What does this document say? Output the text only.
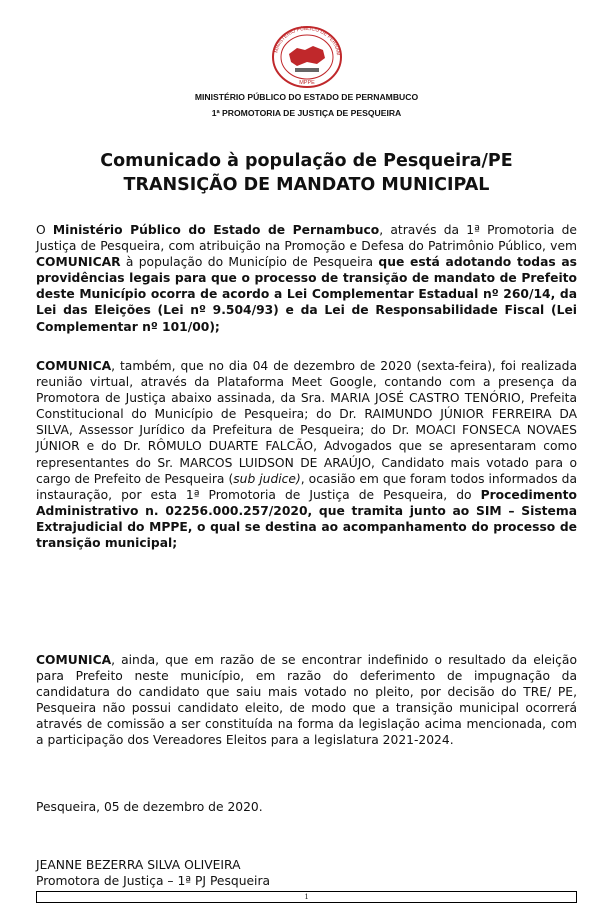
MINISTÉRIO PÚBLICO DE PERNAM
MPPE
MINISTÉRIO PÚBLICO DO ESTADO DE PERNAMBUCO
1ª PROMOTORIA DE JUSTIÇA DE PESQUEIRA
Comunicado à população de Pesqueira/PE
TRANSIÇÃO DE MANDATO MUNICIPAL

O Ministério Público do Estado de Pernambuco, através da 1ª Promotoria de Justiça de Pesqueira, com atribuição na Promoção e Defesa do Patrimônio Público, vem COMUNICAR à população do Município de Pesqueira que está adotando todas as providências legais para que o processo de transição de mandato de Prefeito deste Município ocorra de acordo a Lei Complementar Estadual nº 260/14, da Lei das Eleições (Lei nº 9.504/93) e da Lei de Responsabilidade Fiscal (Lei Complementar nº 101/00);

COMUNICA, também, que no dia 04 de dezembro de 2020 (sexta-feira), foi realizada reunião virtual, através da Plataforma Meet Google, contando com a presença da Promotora de Justiça abaixo assinada, da Sra. MARIA JOSÉ CASTRO TENÓRIO, Prefeita Constitucional do Município de Pesqueira; do Dr. RAIMUNDO JÚNIOR FERREIRA DA SILVA, Assessor Jurídico da Prefeitura de Pesqueira; do Dr. MOACI FONSECA NOVAES JÚNIOR e do Dr. RÔMULO DUARTE FALCÃO, Advogados que se apresentaram como representantes do Sr. MARCOS LUIDSON DE ARAÚJO, Candidato mais votado para o cargo de Prefeito de Pesqueira (sub judice), ocasião em que foram todos informados da instauração, por esta 1ª Promotoria de Justiça de Pesqueira, do Procedimento Administrativo n. 02256.000.257/2020, que tramita junto ao SIM – Sistema Extrajudicial do MPPE, o qual se destina ao acompanhamento do processo de transição municipal;

COMUNICA, ainda, que em razão de se encontrar indefinido o resultado da eleição para Prefeito neste município, em razão do deferimento de impugnação da candidatura do candidato que saiu mais votado no pleito, por decisão do TRE/ PE, Pesqueira não possui candidato eleito, de modo que a transição municipal ocorrerá através de comissão a ser constituída na forma da legislação acima mencionada, com a participação dos Vereadores Eleitos para a legislatura 2021-2024.

Pesqueira, 05 de dezembro de 2020.
JEANNE BEZERRA SILVA OLIVEIRA
Promotora de Justiça – 1ª PJ Pesqueira
1
